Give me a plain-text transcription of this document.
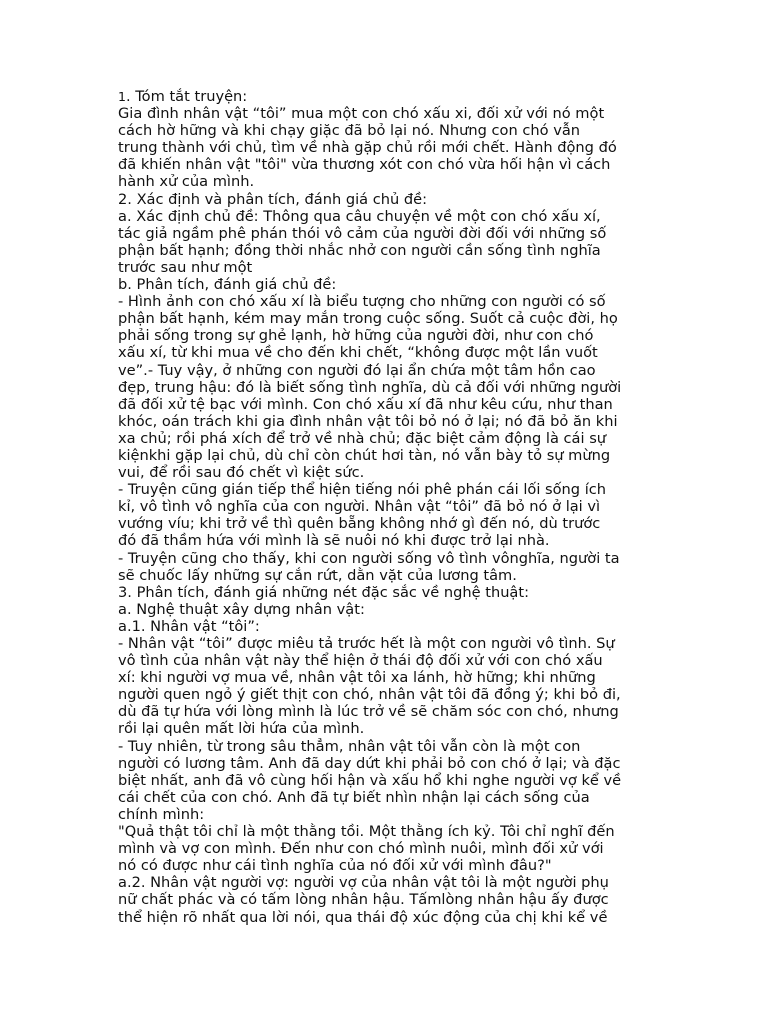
1. Tóm tắt truyện:
Gia đình nhân vật “tôi” mua một con chó xấu xi, đối xử với nó một
cách hờ hững và khi chạy giặc đã bỏ lại nó. Nhưng con chó vẫn
trung thành với chủ, tìm về nhà gặp chủ rồi mới chết. Hành động đó
đã khiến nhân vật "tôi" vừa thương xót con chó vừa hối hận vì cách
hành xử của mình.
2. Xác định và phân tích, đánh giá chủ đề:
a. Xác định chủ đề: Thông qua câu chuyện về một con chó xấu xí,
tác giả ngầm phê phán thói vô cảm của người đời đối với những số
phận bất hạnh; đồng thời nhắc nhở con người cần sống tình nghĩa
trước sau như một
b. Phân tích, đánh giá chủ đề:
- Hình ảnh con chó xấu xí là biểu tượng cho những con người có số
phận bất hạnh, kém may mắn trong cuộc sống. Suốt cả cuộc đời, họ
phải sống trong sự ghẻ lạnh, hờ hững của người đời, như con chó
xấu xí, từ khi mua về cho đến khi chết, “không được một lần vuốt
ve”.- Tuy vậy, ở những con người đó lại ẩn chứa một tâm hồn cao
đẹp, trung hậu: đó là biết sống tình nghĩa, dù cả đối với những người
đã đối xử tệ bạc với mình. Con chó xấu xí đã như kêu cứu, như than
khóc, oán trách khi gia đình nhân vật tôi bỏ nó ở lại; nó đã bỏ ăn khi
xa chủ; rồi phá xích để trở về nhà chủ; đặc biệt cảm động là cái sự
kiệnkhi gặp lại chủ, dù chỉ còn chút hơi tàn, nó vẫn bày tỏ sự mừng
vui, để rồi sau đó chết vì kiệt sức.
- Truyện cũng gián tiếp thể hiện tiếng nói phê phán cái lối sống ích
kỉ, vô tình vô nghĩa của con người. Nhân vật “tôi” đã bỏ nó ở lại vì
vướng víu; khi trở về thì quên bẵng không nhớ gì đến nó, dù trước
đó đã thầm hứa với mình là sẽ nuôi nó khi được trở lại nhà.
- Truyện cũng cho thấy, khi con người sống vô tình vônghĩa, người ta
sẽ chuốc lấy những sự cắn rứt, dằn vặt của lương tâm.
3. Phân tích, đánh giá những nét đặc sắc về nghệ thuật:
a. Nghệ thuật xây dựng nhân vật:
a.1. Nhân vật “tôi”:
- Nhân vật “tôi” được miêu tả trước hết là một con người vô tình. Sự
vô tình của nhân vật này thể hiện ở thái độ đối xử với con chó xấu
xí: khi người vợ mua về, nhân vật tôi xa lánh, hờ hững; khi những
người quen ngỏ ý giết thịt con chó, nhân vật tôi đã đồng ý; khi bỏ đi,
dù đã tự hứa với lòng mình là lúc trở về sẽ chăm sóc con chó, nhưng
rồi lại quên mất lời hứa của mình.
- Tuy nhiên, từ trong sâu thẳm, nhân vật tôi vẫn còn là một con
người có lương tâm. Anh đã day dứt khi phải bỏ con chó ở lại; và đặc
biệt nhất, anh đã vô cùng hối hận và xấu hổ khi nghe người vợ kể về
cái chết của con chó. Anh đã tự biết nhìn nhận lại cách sống của
chính mình:
"Quả thật tôi chỉ là một thằng tồi. Một thằng ích kỷ. Tôi chỉ nghĩ đến
mình và vợ con mình. Đến như con chó mình nuôi, mình đối xử với
nó có được như cái tình nghĩa của nó đối xử với mình đâu?"
a.2. Nhân vật người vợ: người vợ của nhân vật tôi là một người phụ
nữ chất phác và có tấm lòng nhân hậu. Tấmlòng nhân hậu ấy được
thể hiện rõ nhất qua lời nói, qua thái độ xúc động của chị khi kể về
